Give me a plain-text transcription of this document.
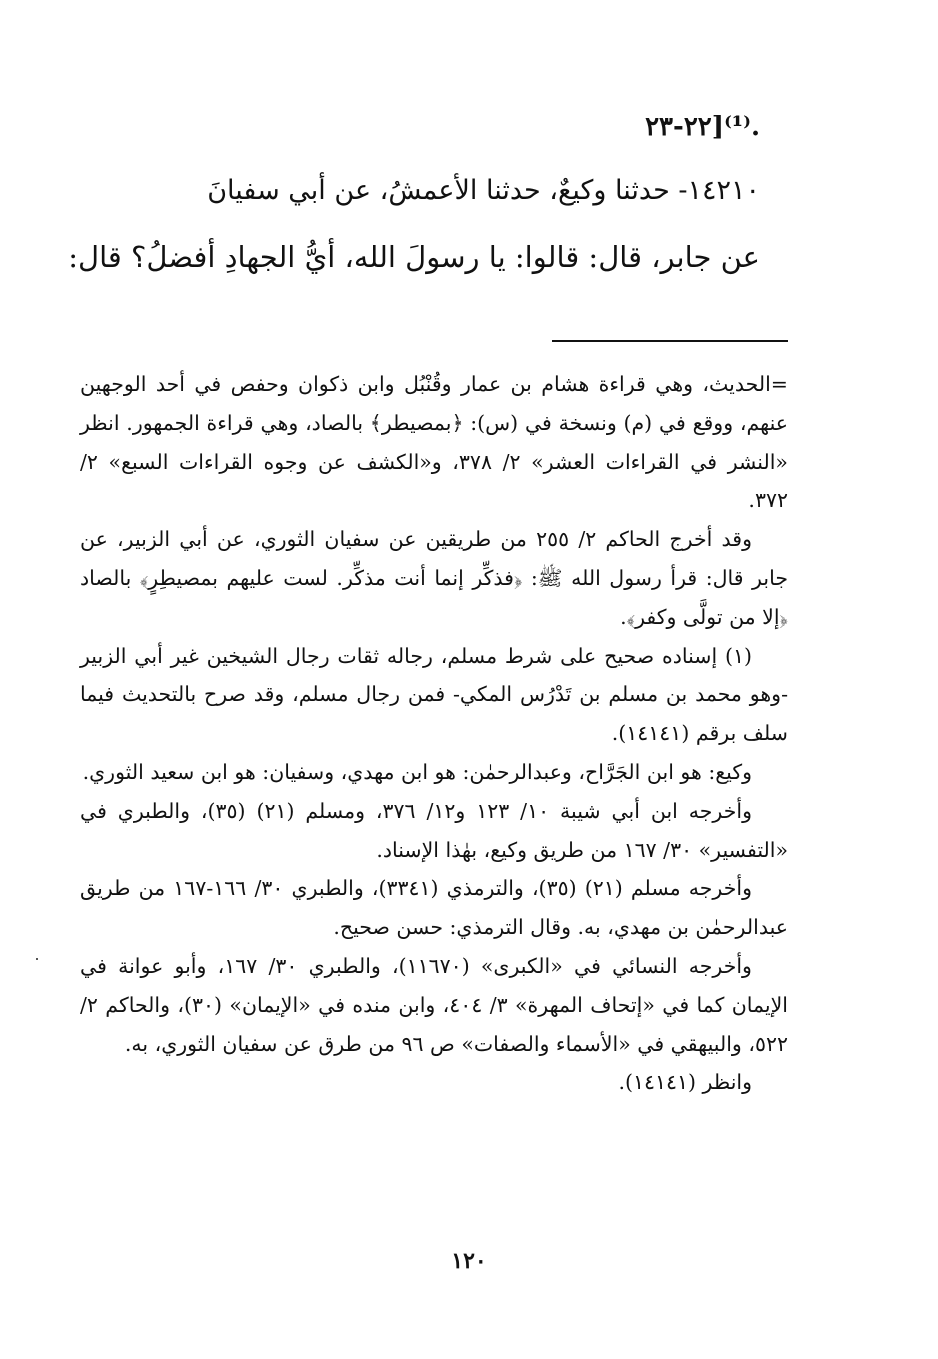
٢٢-٢٣]⁽¹⁾.
١٤٢١٠- حدثنا وكيعٌ، حدثنا الأعمشُ، عن أبي سفيانَ
عن جابر، قال: قالوا: يا رسولَ الله، أيُّ الجهادِ أفضلُ؟ قال:

=الحديث، وهي قراءة هشام بن عمار وقُنْبُل وابن ذكوان وحفص في أحد الوجهين عنهم، ووقع في (م) ونسخة في (س): ﴿بمصيطر﴾ بالصاد، وهي قراءة الجمهور. انظر «النشر في القراءات العشر» ٢/ ٣٧٨، و«الكشف عن وجوه القراءات السبع» ٢/ ٣٧٢.

وقد أخرج الحاكم ٢/ ٢٥٥ من طريقين عن سفيان الثوري، عن أبي الزبير، عن جابر قال: قرأ رسول الله ﷺ: ﴿فذكِّر إنما أنت مذكِّر. لست عليهم بمصيطِرٍ﴾ بالصاد ﴿إلا من تولَّى وكفر﴾.

(١) إسناده صحيح على شرط مسلم، رجاله ثقات رجال الشيخين غير أبي الزبير -وهو محمد بن مسلم بن تَدْرُس المكي- فمن رجال مسلم، وقد صرح بالتحديث فيما سلف برقم (١٤١٤١).

وكيع: هو ابن الجَرَّاح، وعبدالرحمٰن: هو ابن مهدي، وسفيان: هو ابن سعيد الثوري.

وأخرجه ابن أبي شيبة ١٠/ ١٢٣ و١٢/ ٣٧٦، ومسلم (٢١) (٣٥)، والطبري في «التفسير» ٣٠/ ١٦٧ من طريق وكيع، بهٰذا الإسناد.

وأخرجه مسلم (٢١) (٣٥)، والترمذي (٣٣٤١)، والطبري ٣٠/ ١٦٦-١٦٧ من طريق عبدالرحمٰن بن مهدي، به. وقال الترمذي: حسن صحيح.

وأخرجه النسائي في «الكبرى» (١١٦٧٠)، والطبري ٣٠/ ١٦٧، وأبو عوانة في الإيمان كما في «إتحاف المهرة» ٣/ ٤٠٤، وابن منده في «الإيمان» (٣٠)، والحاكم ٢/ ٥٢٢، والبيهقي في «الأسماء والصفات» ص ٩٦ من طرق عن سفيان الثوري، به.

وانظر (١٤١٤١).

١٢٠
